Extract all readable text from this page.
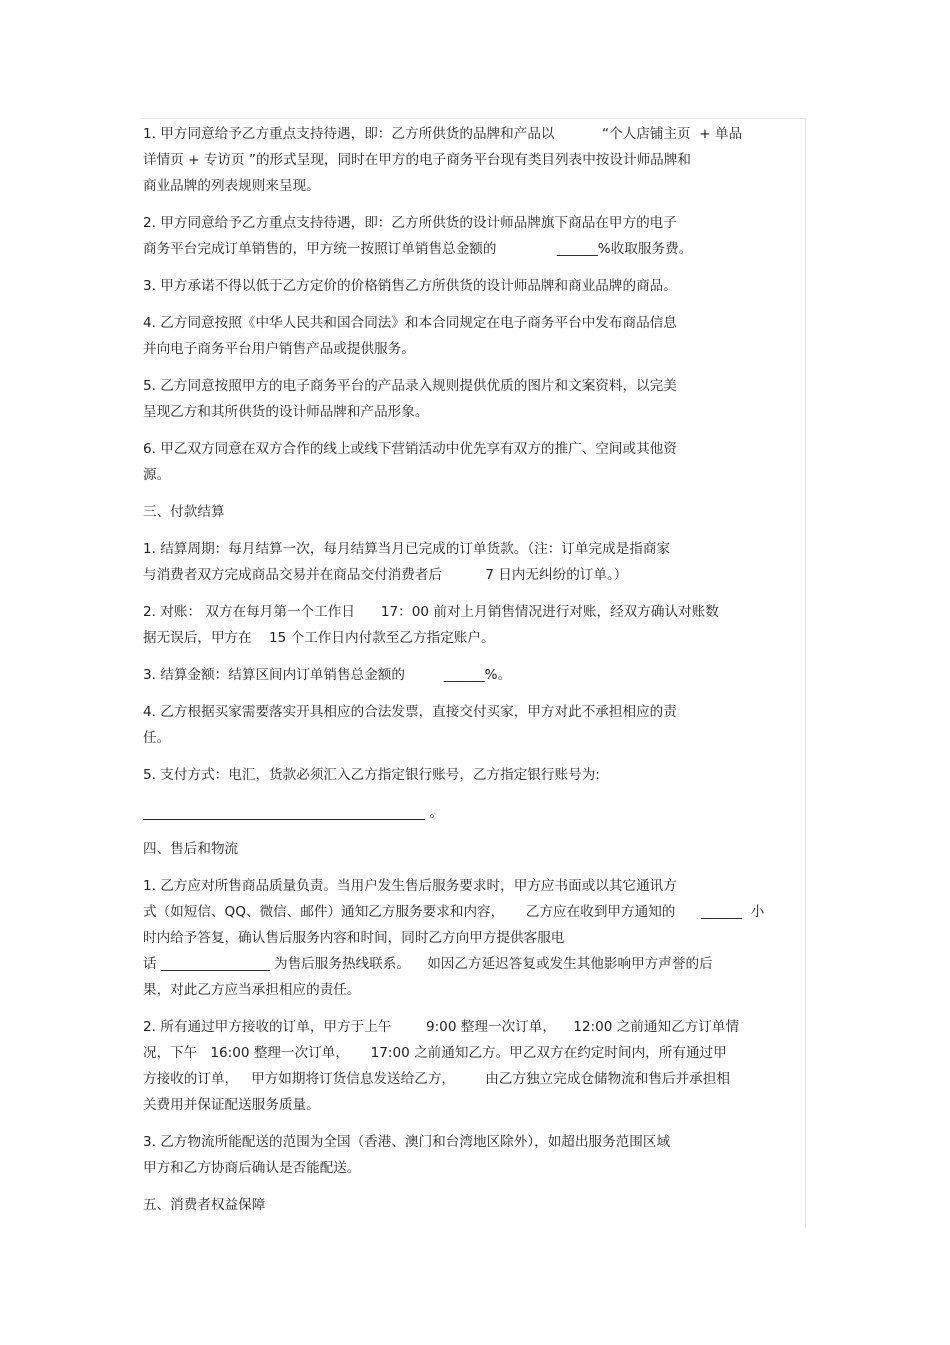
1. 甲方同意给予乙方重点支持待遇，即：乙方所供货的品牌和产品以           “个人店铺主页  + 单品
详情页 + 专访页 ”的形式呈现，同时在甲方的电子商务平台现有类目列表中按设计师品牌和
商业品牌的列表规则来呈现。
2. 甲方同意给予乙方重点支持待遇，即：乙方所供货的设计师品牌旗下商品在甲方的电子
商务平台完成订单销售的，甲方统一按照订单销售总金额的              ______%收取服务费。
3. 甲方承诺不得以低于乙方定价的价格销售乙方所供货的设计师品牌和商业品牌的商品。
4. 乙方同意按照《中华人民共和国合同法》和本合同规定在电子商务平台中发布商品信息
并向电子商务平台用户销售产品或提供服务。
5. 乙方同意按照甲方的电子商务平台的产品录入规则提供优质的图片和文案资料，以完美
呈现乙方和其所供货的设计师品牌和产品形象。
6. 甲乙双方同意在双方合作的线上或线下营销活动中优先享有双方的推广、空间或其他资
源。
三、付款结算
1. 结算周期：每月结算一次，每月结算当月已完成的订单货款。（注：订单完成是指商家
与消费者双方完成商品交易并在商品交付消费者后          7 日内无纠纷的订单。）
2. 对账： 双方在每月第一个工作日      17：00 前对上月销售情况进行对账，经双方确认对账数
据无误后，甲方在    15 个工作日内付款至乙方指定账户。
3. 结算金额：结算区间内订单销售总金额的         ______%。
4. 乙方根据买家需要落实开具相应的合法发票，直接交付买家，甲方对此不承担相应的责
任。
5. 支付方式：电汇，货款必须汇入乙方指定银行账号，乙方指定银行账号为:
。
四、售后和物流
1. 乙方应对所售商品质量负责。当用户发生售后服务要求时，甲方应书面或以其它通讯方
式（如短信、QQ、微信、邮件）通知乙方服务要求和内容，     乙方应在收到甲方通知的      ______  小
时内给予答复，确认售后服务内容和时间，同时乙方向甲方提供客服电
话 ________________ 为售后服务热线联系。    如因乙方延迟答复或发生其他影响甲方声誉的后
果，对此乙方应当承担相应的责任。
2. 所有通过甲方接收的订单，甲方于上午        9:00 整理一次订单，    12:00 之前通知乙方订单情
况，下午   16:00 整理一次订单，     17:00 之前通知乙方。甲乙双方在约定时间内，所有通过甲
方接收的订单，   甲方如期将订货信息发送给乙方，       由乙方独立完成仓储物流和售后并承担相
关费用并保证配送服务质量。
3. 乙方物流所能配送的范围为全国（香港、澳门和台湾地区除外），如超出服务范围区域
甲方和乙方协商后确认是否能配送。
五、消费者权益保障
